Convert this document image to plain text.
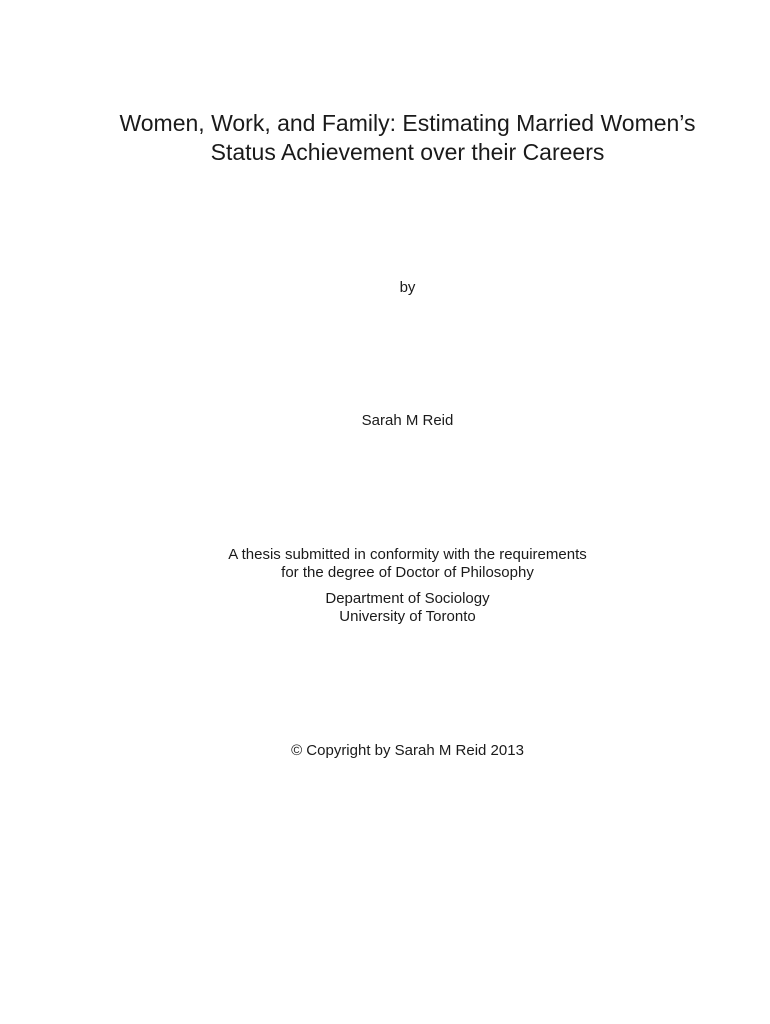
Women, Work, and Family: Estimating Married Women’s
Status Achievement over their Careers
by
Sarah M Reid
A thesis submitted in conformity with the requirements
for the degree of Doctor of Philosophy
Department of Sociology
University of Toronto
© Copyright by Sarah M Reid 2013
